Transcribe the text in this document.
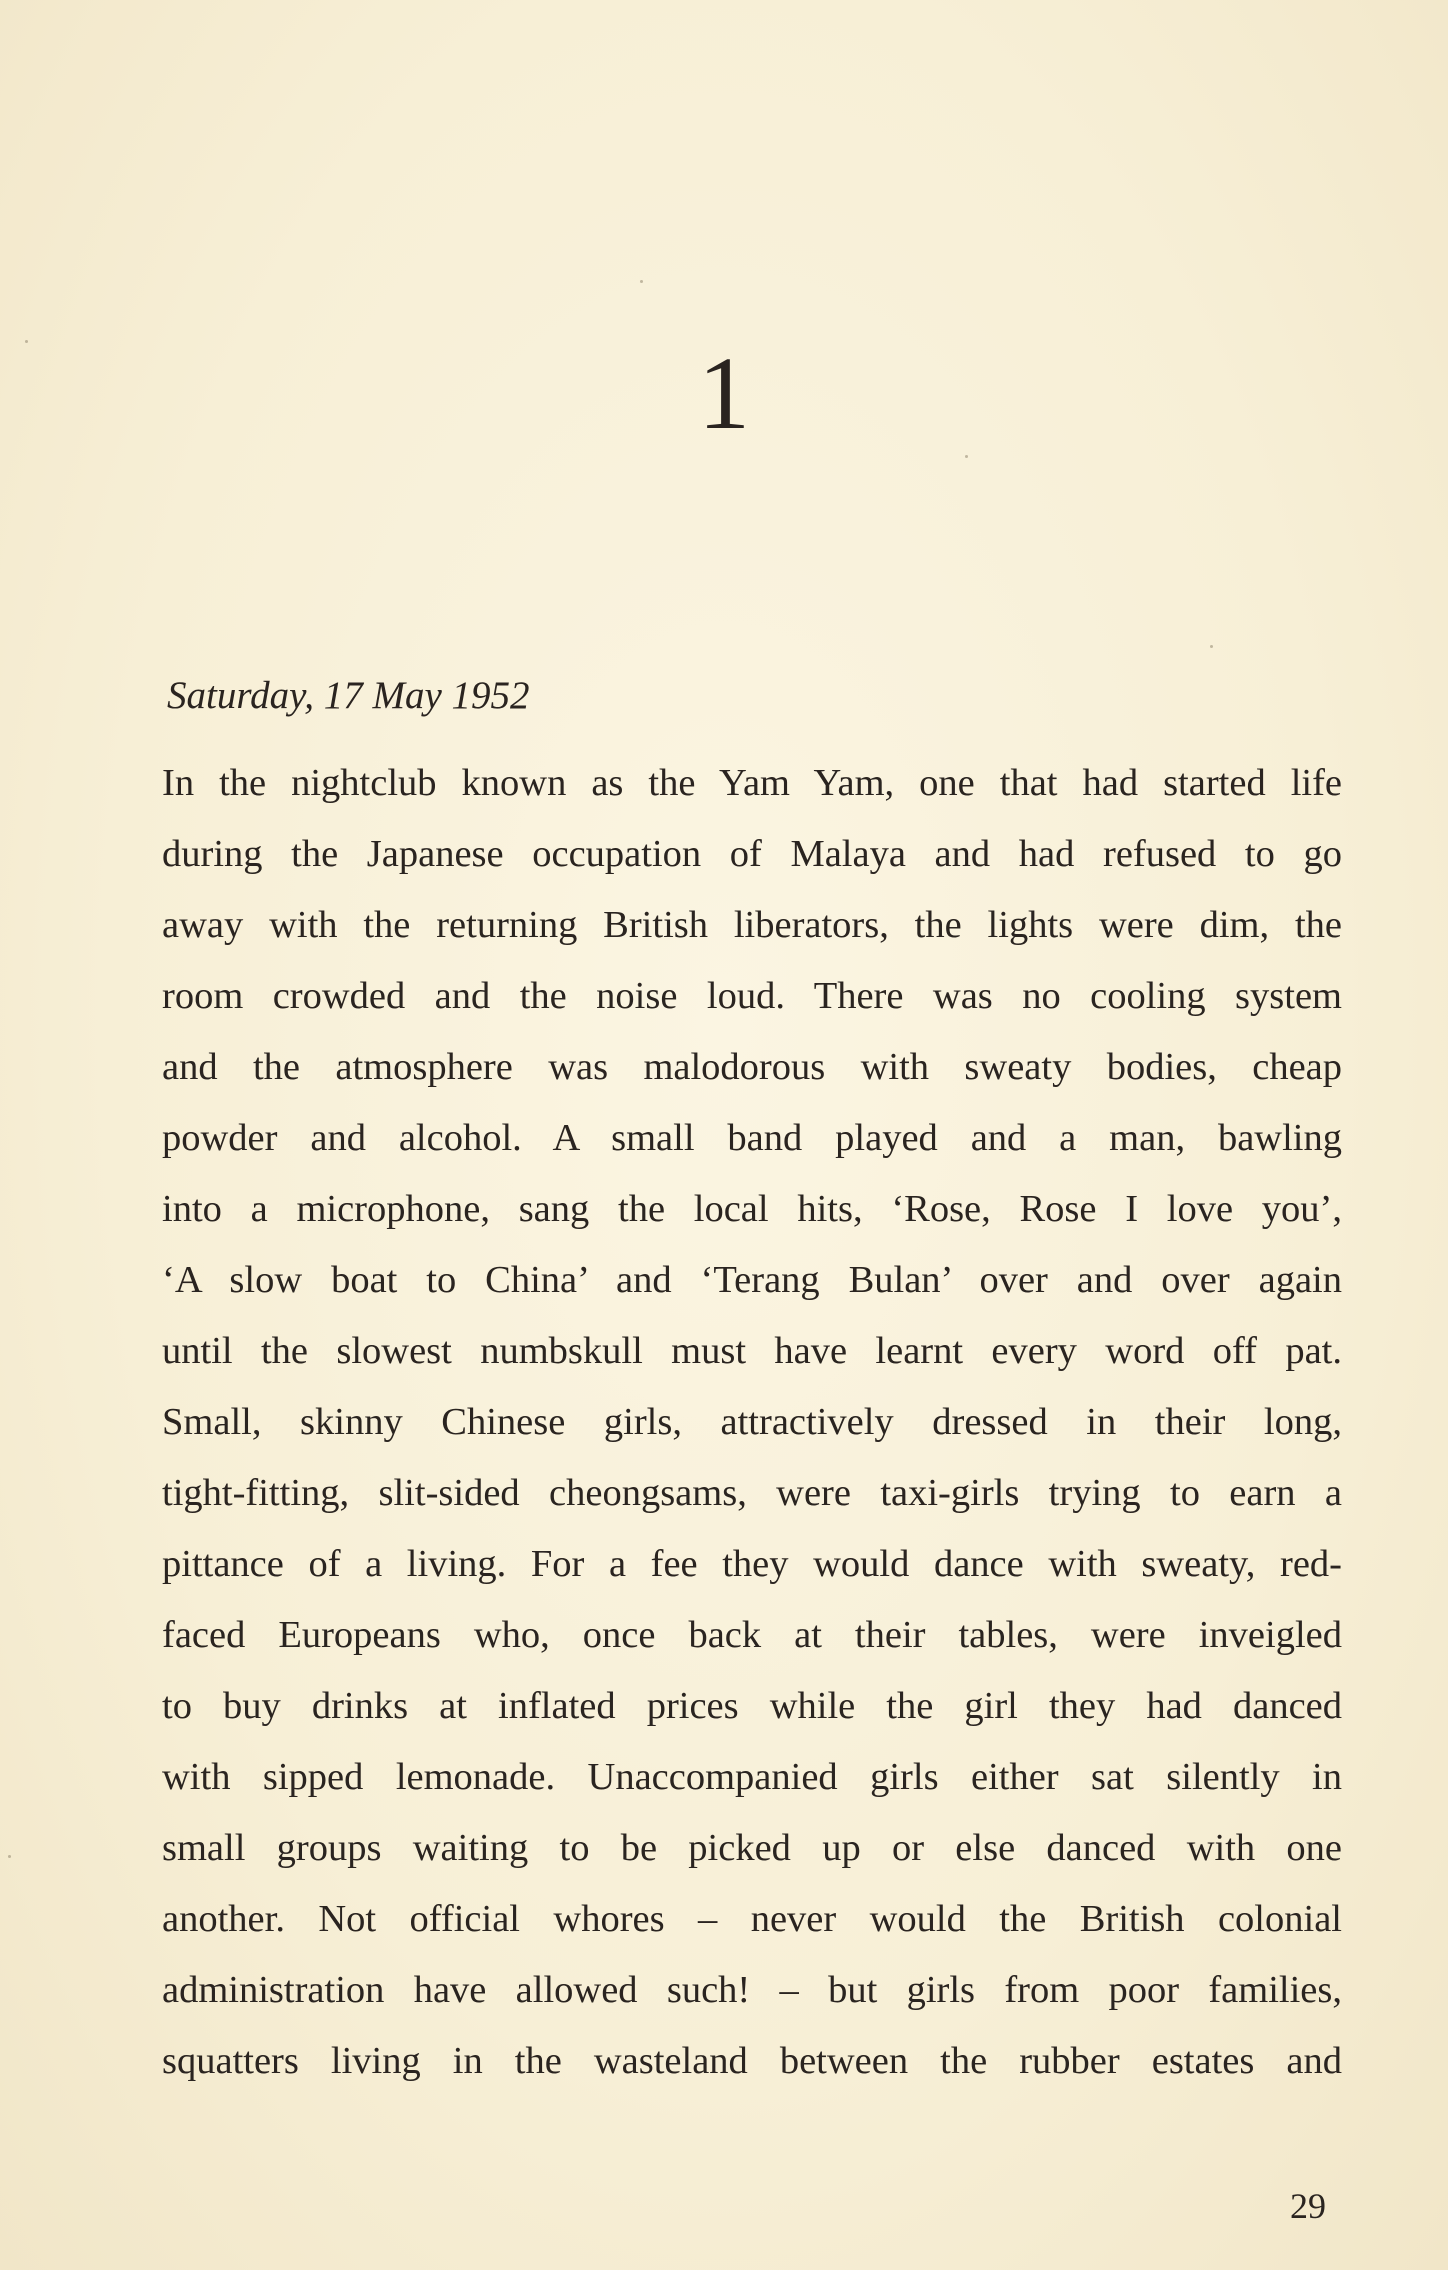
1
Saturday, 17 May 1952
In the nightclub known as the Yam Yam, one that had started life
during the Japanese occupation of Malaya and had refused to go
away with the returning British liberators, the lights were dim, the
room crowded and the noise loud. There was no cooling system
and the atmosphere was malodorous with sweaty bodies, cheap
powder and alcohol. A small band played and a man, bawling
into a microphone, sang the local hits, ‘Rose, Rose I love you’,
‘A slow boat to China’ and ‘Terang Bulan’ over and over again
until the slowest numbskull must have learnt every word off pat.
Small, skinny Chinese girls, attractively dressed in their long,
tight-fitting, slit-sided cheongsams, were taxi-girls trying to earn a
pittance of a living. For a fee they would dance with sweaty, red-
faced Europeans who, once back at their tables, were inveigled
to buy drinks at inflated prices while the girl they had danced
with sipped lemonade. Unaccompanied girls either sat silently in
small groups waiting to be picked up or else danced with one
another. Not official whores – never would the British colonial
administration have allowed such! – but girls from poor families,
squatters living in the wasteland between the rubber estates and
29
